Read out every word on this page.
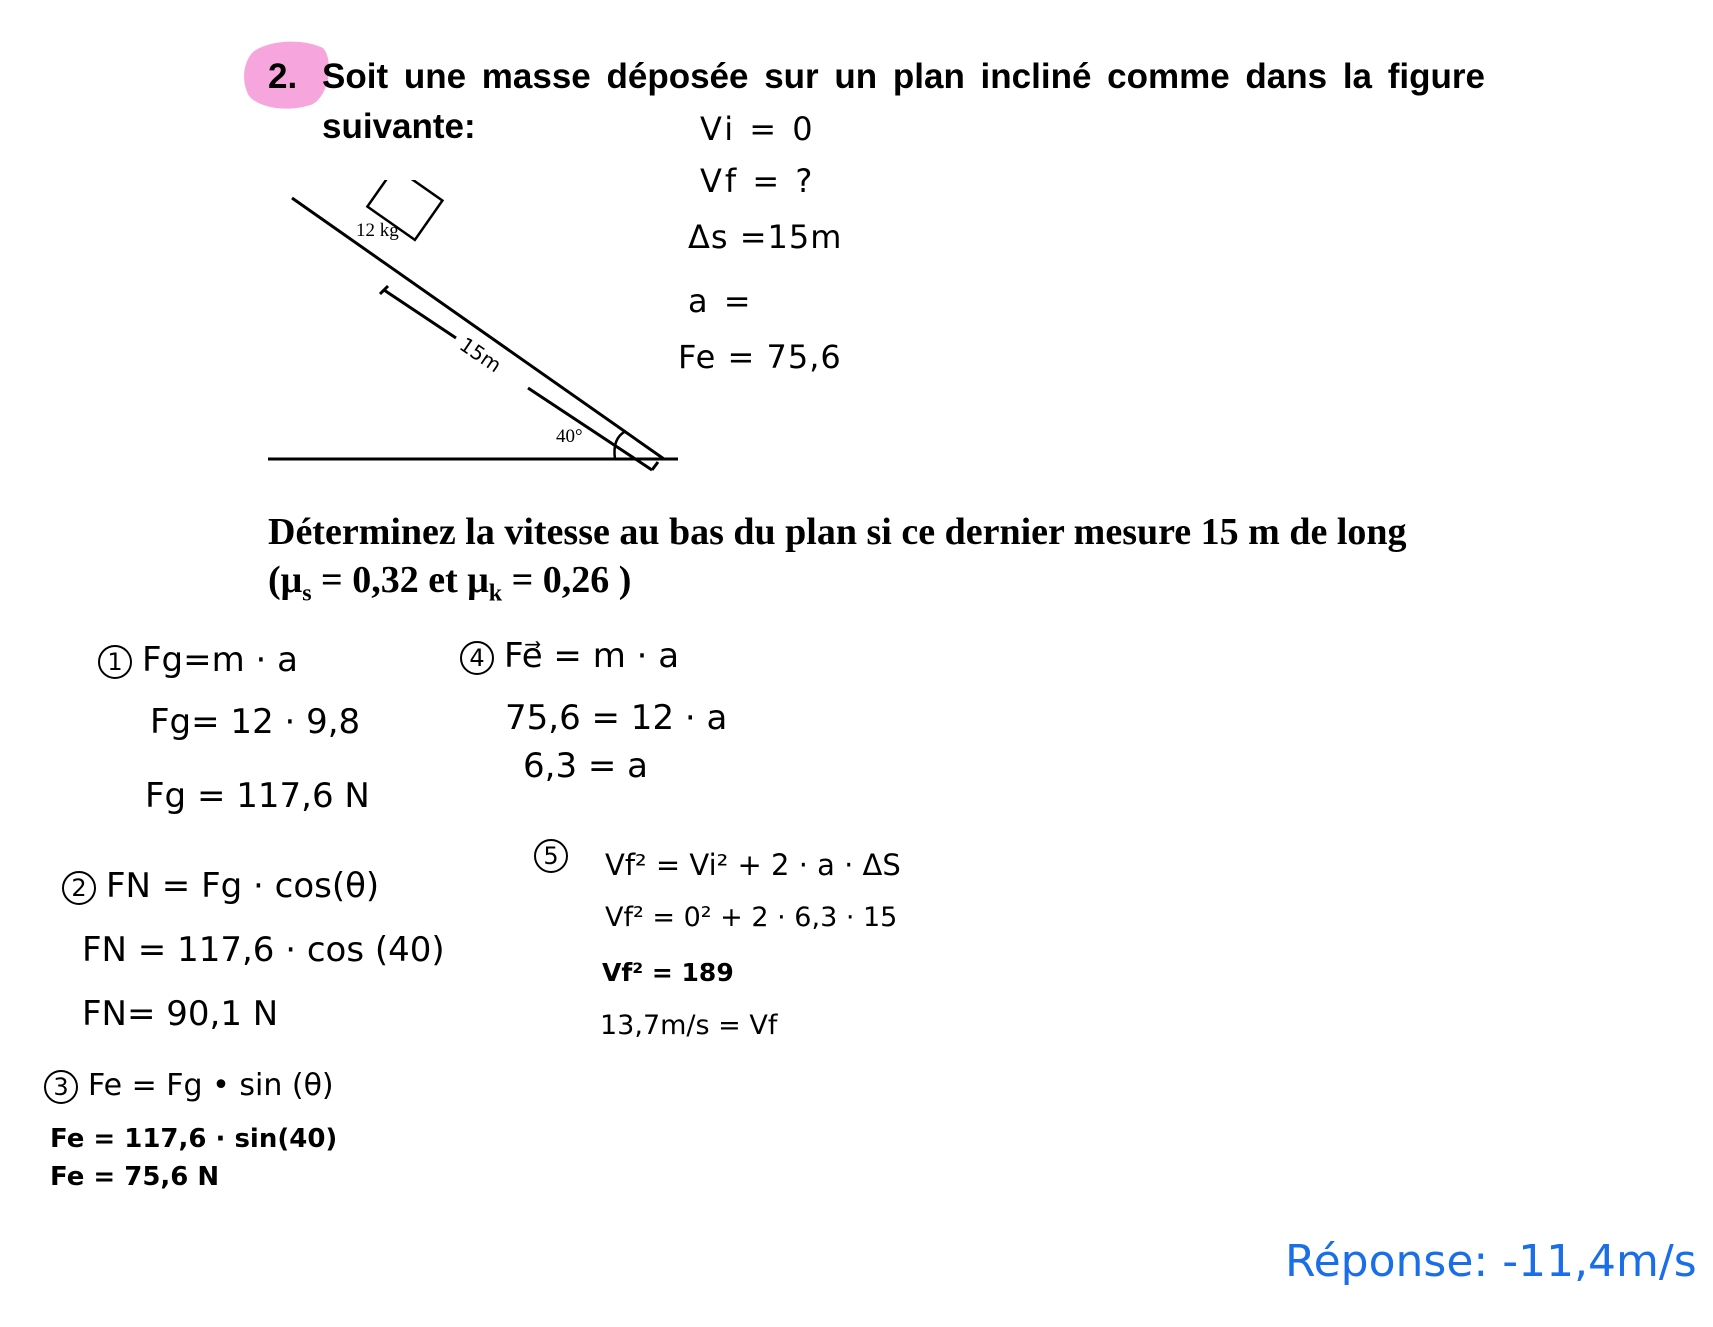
2. Soit une masse déposée sur un plan incliné comme dans la figure suivante:
12 kg
15m
40°
Vi = 0
Vf = ?
Δs =15m
a =
Fe = 75,6
Déterminez la vitesse au bas du plan si ce dernier mesure 15 m de long
($\mu_s = 0,32$ et $\mu_k = 0,26$ )
1 Fg=m · a
Fg= 12 · 9,8
Fg = 117,6 N
2 FN = Fg · cos(θ)
FN = 117,6 · cos (40)
FN= 90,1 N
3 Fe = Fg • sin (θ)
Fe = 117,6 · sin(40)
Fe = 75,6 N
4 Fe⃗ = m · a
75,6 = 12 · a
6,3 = a
5	Vf² = Vi² + 2 · a · ΔS
Vf² = 0² + 2 · 6,3 · 15
Vf² = 189
13,7m/s = Vf
Réponse: -11,4m/s
